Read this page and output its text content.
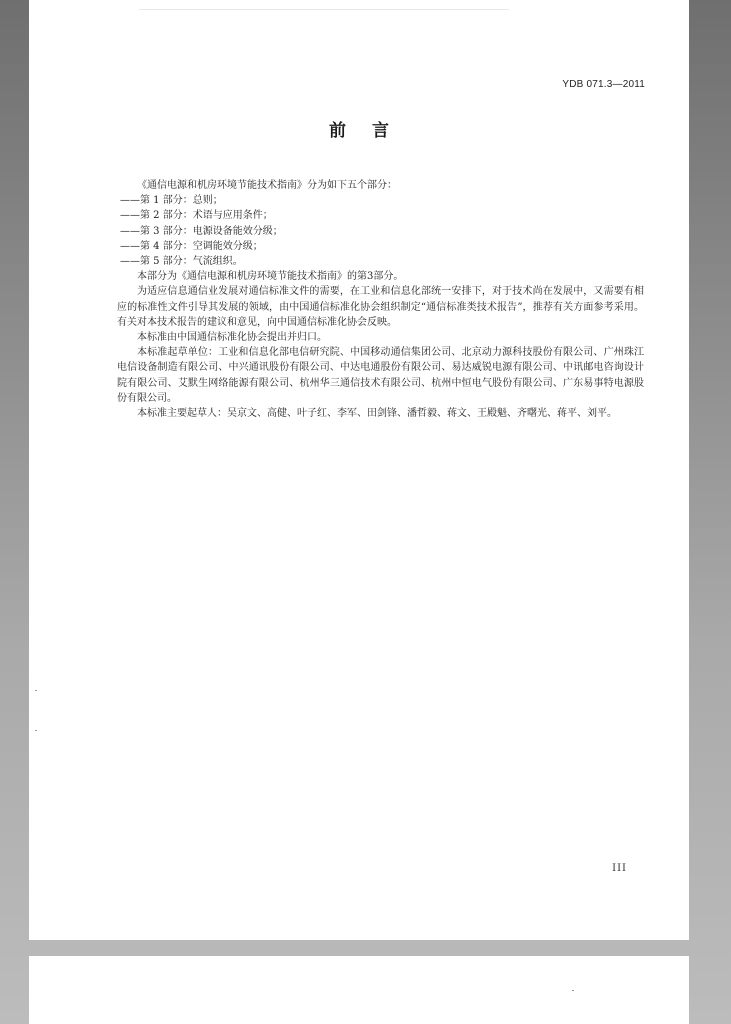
YDB 071.3—2011
前言

《通信电源和机房环境节能技术指南》分为如下五个部分：

——第 1 部分：总则；

——第 2 部分：术语与应用条件；

——第 3 部分：电源设备能效分级；

——第 4 部分：空调能效分级；

——第 5 部分：气流组织。

本部分为《通信电源和机房环境节能技术指南》的第3部分。

为适应信息通信业发展对通信标准文件的需要，在工业和信息化部统一安排下，对于技术尚在发展中，又需要有相应的标准性文件引导其发展的领域，由中国通信标准化协会组织制定“通信标准类技术报告”，推荐有关方面参考采用。有关对本技术报告的建议和意见，向中国通信标准化协会反映。

本标准由中国通信标准化协会提出并归口。

本标准起草单位：工业和信息化部电信研究院、中国移动通信集团公司、北京动力源科技股份有限公司、广州珠江电信设备制造有限公司、中兴通讯股份有限公司、中达电通股份有限公司、易达威锐电源有限公司、中讯邮电咨询设计院有限公司、艾默生网络能源有限公司、杭州华三通信技术有限公司、杭州中恒电气股份有限公司、广东易事特电源股份有限公司。

本标准主要起草人：吴京文、高健、叶子红、李军、田剑锋、潘哲毅、蒋文、王殿魁、齐曙光、蒋平、刘平。

III
